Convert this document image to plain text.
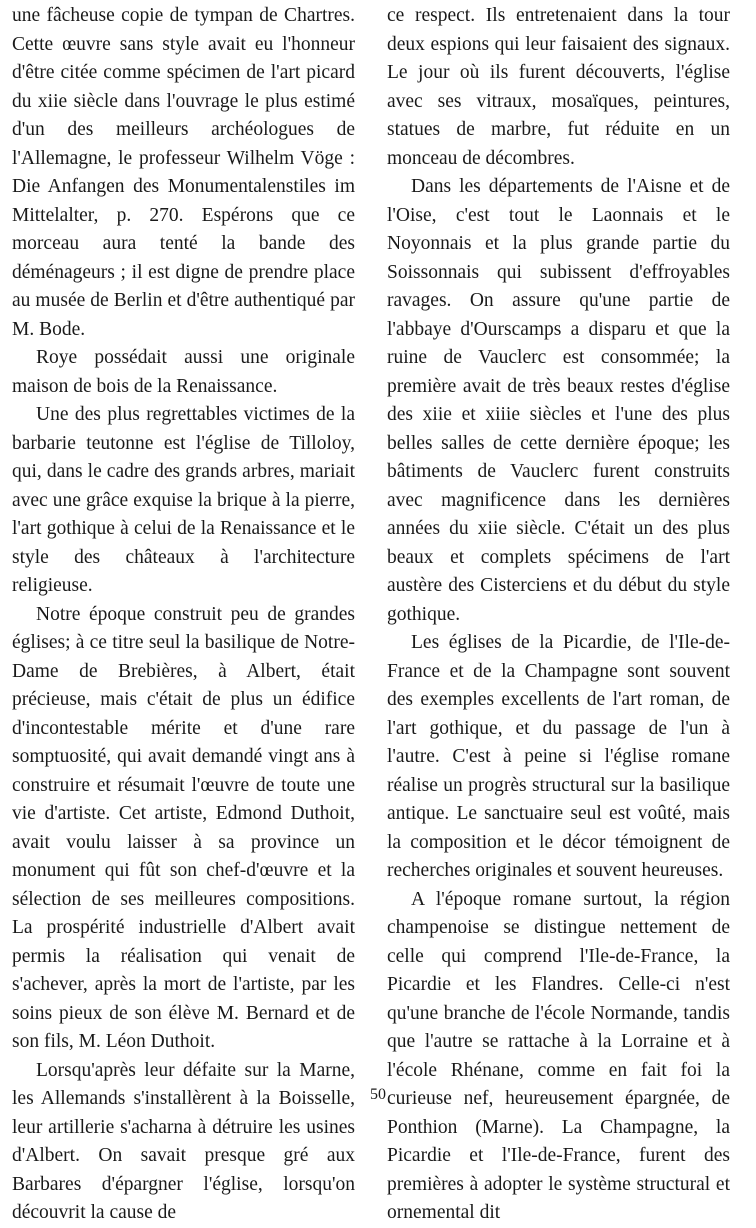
une fâcheuse copie de tympan de Chartres. Cette œuvre sans style avait eu l'honneur d'être citée comme spécimen de l'art picard du xiie siècle dans l'ouvrage le plus estimé d'un des meilleurs archéologues de l'Allemagne, le professeur Wilhelm Vöge : Die Anfangen des Monumentalenstiles im Mittelalter, p. 270. Espérons que ce morceau aura tenté la bande des déménageurs ; il est digne de prendre place au musée de Berlin et d'être authentiqué par M. Bode.

Roye possédait aussi une originale maison de bois de la Renaissance.

Une des plus regrettables victimes de la barbarie teutonne est l'église de Tilloloy, qui, dans le cadre des grands arbres, mariait avec une grâce exquise la brique à la pierre, l'art gothique à celui de la Renaissance et le style des châteaux à l'architecture religieuse.

Notre époque construit peu de grandes églises; à ce titre seul la basilique de Notre-Dame de Brebières, à Albert, était précieuse, mais c'était de plus un édifice d'incontestable mérite et d'une rare somptuosité, qui avait demandé vingt ans à construire et résumait l'œuvre de toute une vie d'artiste. Cet artiste, Edmond Duthoit, avait voulu laisser à sa province un monument qui fût son chef-d'œuvre et la sélection de ses meilleures compositions. La prospérité industrielle d'Albert avait permis la réalisation qui venait de s'achever, après la mort de l'artiste, par les soins pieux de son élève M. Bernard et de son fils, M. Léon Duthoit.

Lorsqu'après leur défaite sur la Marne, les Allemands s'installèrent à la Boisselle, leur artillerie s'acharna à détruire les usines d'Albert. On savait presque gré aux Barbares d'épargner l'église, lorsqu'on découvrit la cause de

ce respect. Ils entretenaient dans la tour deux espions qui leur faisaient des signaux. Le jour où ils furent découverts, l'église avec ses vitraux, mosaïques, peintures, statues de marbre, fut réduite en un monceau de décombres.

Dans les départements de l'Aisne et de l'Oise, c'est tout le Laonnais et le Noyonnais et la plus grande partie du Soissonnais qui subissent d'effroyables ravages. On assure qu'une partie de l'abbaye d'Ourscamps a disparu et que la ruine de Vauclerc est consommée; la première avait de très beaux restes d'église des xiie et xiiie siècles et l'une des plus belles salles de cette dernière époque; les bâtiments de Vauclerc furent construits avec magnificence dans les dernières années du xiie siècle. C'était un des plus beaux et complets spécimens de l'art austère des Cisterciens et du début du style gothique.

Les églises de la Picardie, de l'Ile-de-France et de la Champagne sont souvent des exemples excellents de l'art roman, de l'art gothique, et du passage de l'un à l'autre. C'est à peine si l'église romane réalise un progrès structural sur la basilique antique. Le sanctuaire seul est voûté, mais la composition et le décor témoignent de recherches originales et souvent heureuses.

A l'époque romane surtout, la région champenoise se distingue nettement de celle qui comprend l'Ile-de-France, la Picardie et les Flandres. Celle-ci n'est qu'une branche de l'école Normande, tandis que l'autre se rattache à la Lorraine et à l'école Rhénane, comme en fait foi la curieuse nef, heureusement épargnée, de Ponthion (Marne). La Champagne, la Picardie et l'Ile-de-France, furent des premières à adopter le système structural et ornemental dit

50
